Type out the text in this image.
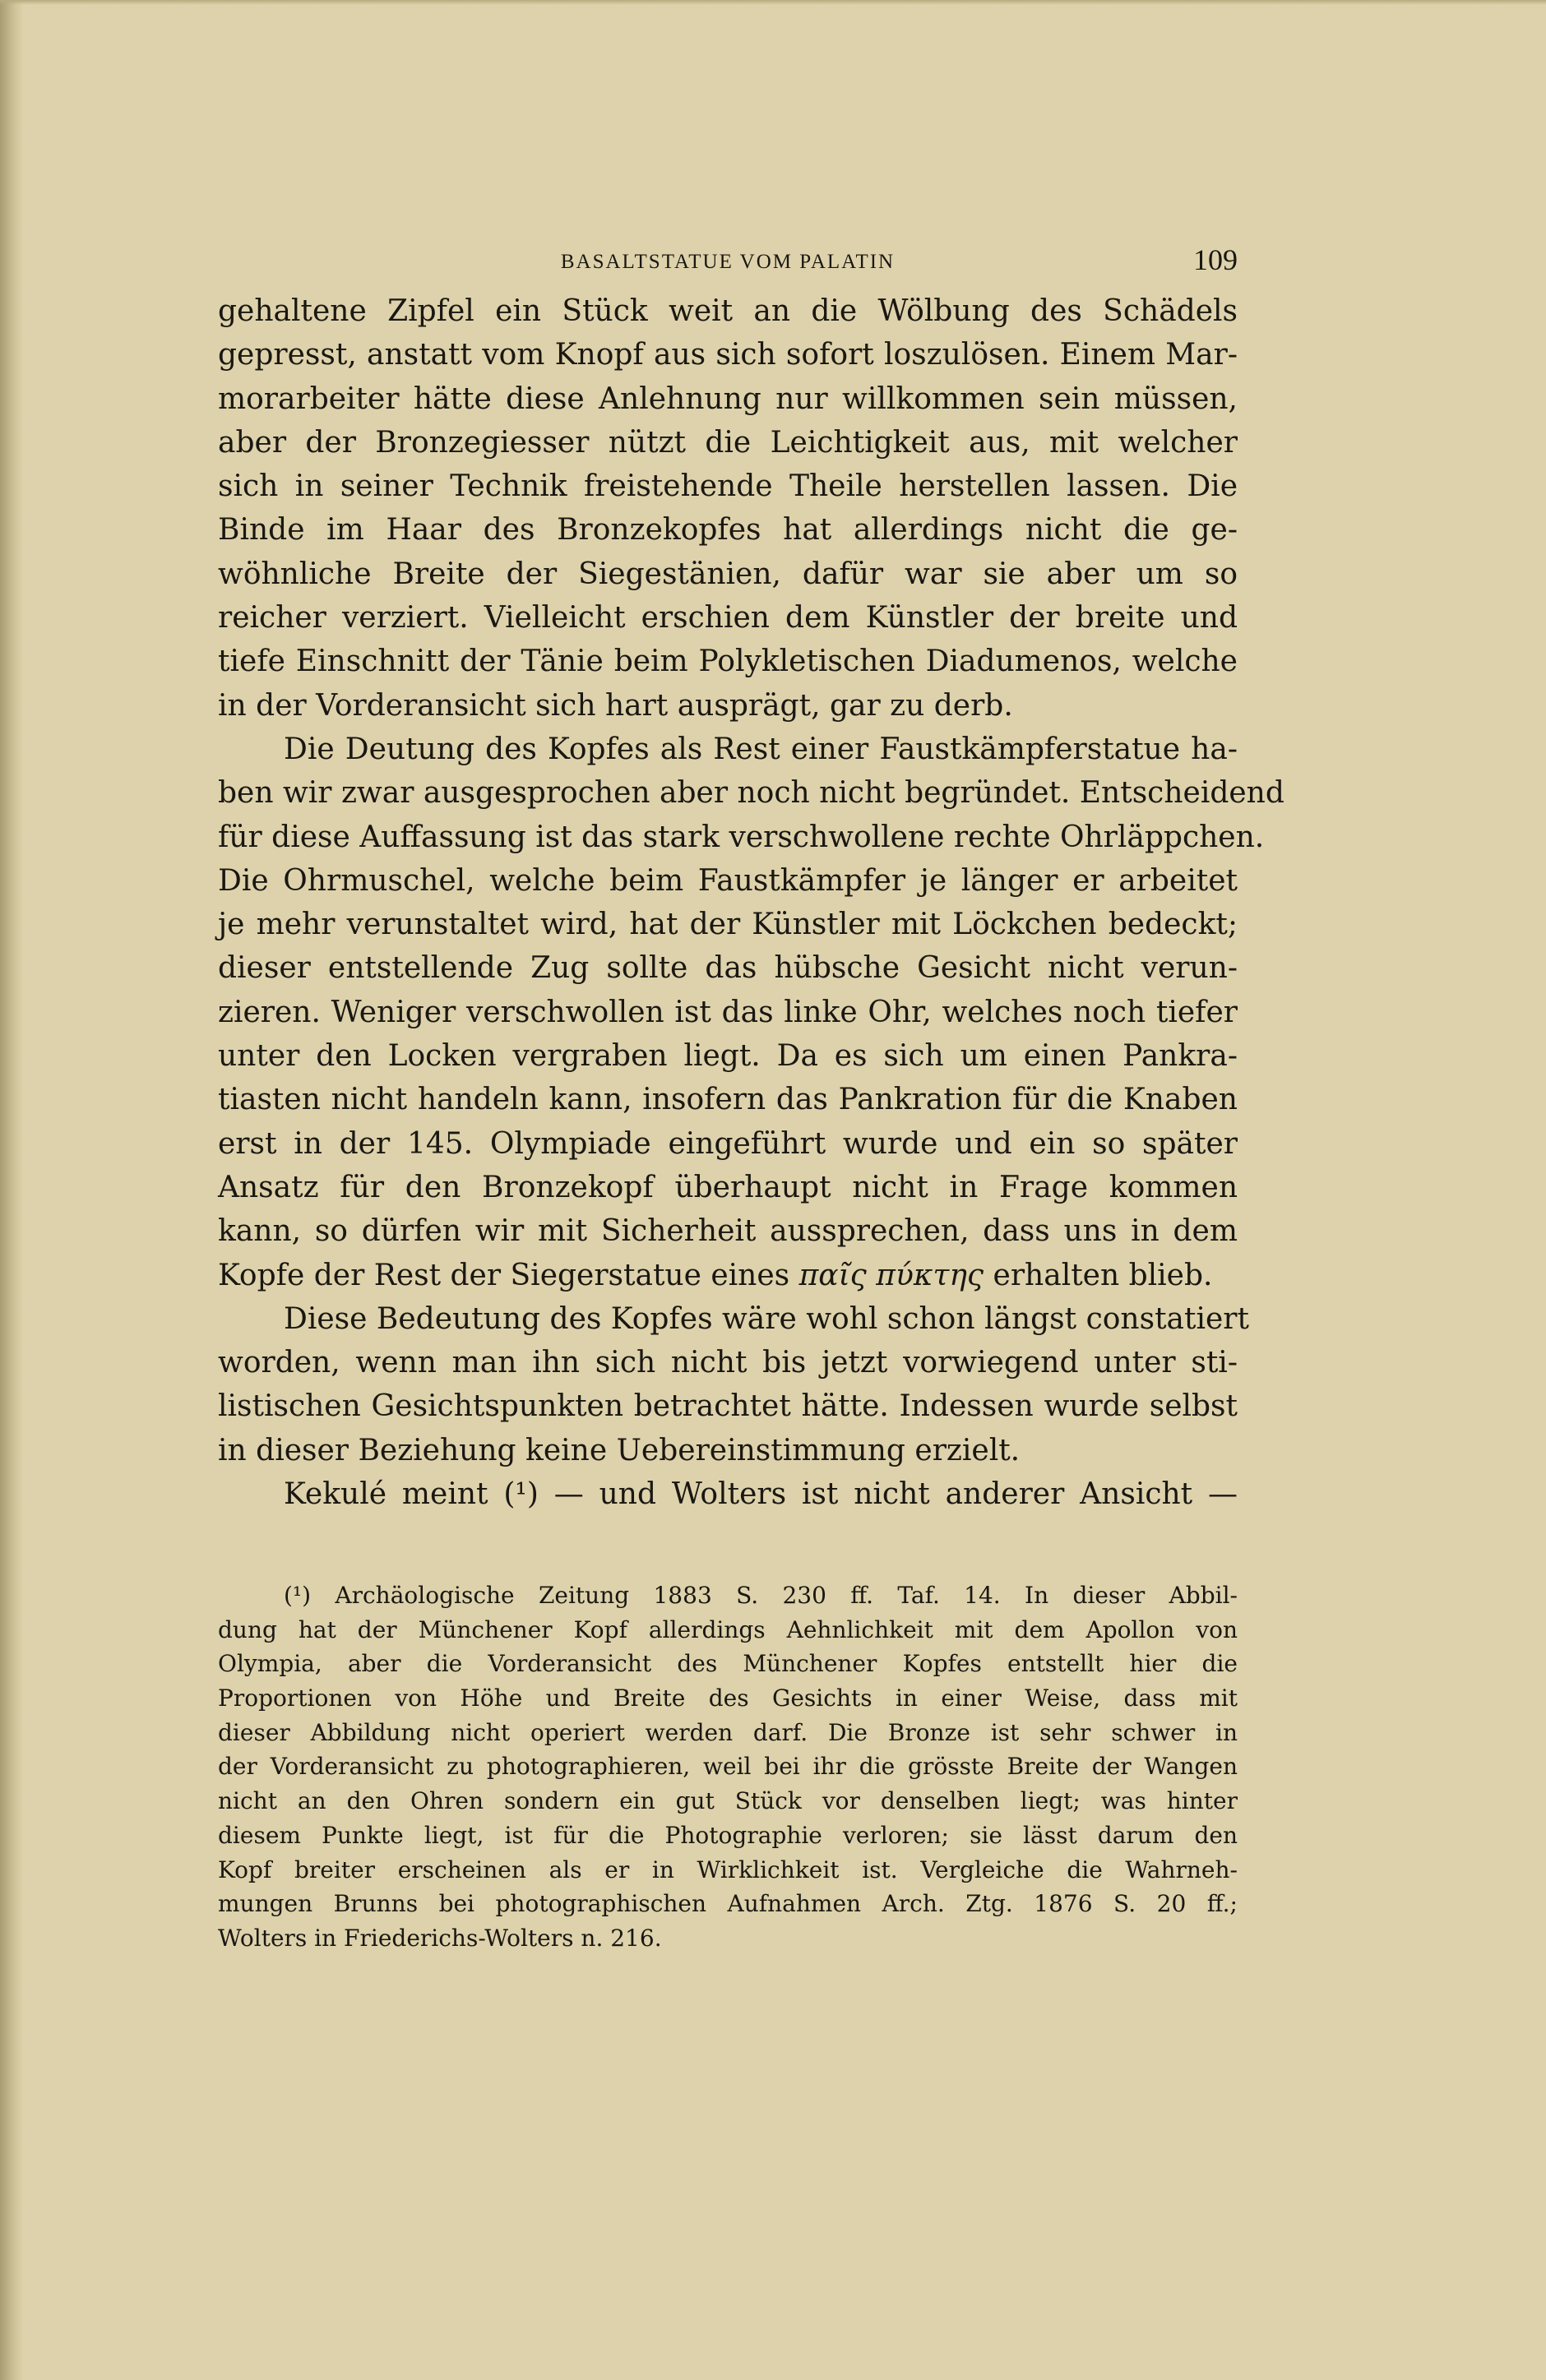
BASALTSTATUE VOM PALATIN	109
gehaltene Zipfel ein Stück weit an die Wölbung des Schädels
gepresst, anstatt vom Knopf aus sich sofort loszulösen. Einem Mar-
morarbeiter hätte diese Anlehnung nur willkommen sein müssen,
aber der Bronzegiesser nützt die Leichtigkeit aus, mit welcher
sich in seiner Technik freistehende Theile herstellen lassen. Die
Binde im Haar des Bronzekopfes hat allerdings nicht die ge-
wöhnliche Breite der Siegestänien, dafür war sie aber um so
reicher verziert. Vielleicht erschien dem Künstler der breite und
tiefe Einschnitt der Tänie beim Polykletischen Diadumenos, welche
in der Vorderansicht sich hart ausprägt, gar zu derb.
Die Deutung des Kopfes als Rest einer Faustkämpferstatue ha-
ben wir zwar ausgesprochen aber noch nicht begründet. Entscheidend
für diese Auffassung ist das stark verschwollene rechte Ohrläppchen.
Die Ohrmuschel, welche beim Faustkämpfer je länger er arbeitet
je mehr verunstaltet wird, hat der Künstler mit Löckchen bedeckt;
dieser entstellende Zug sollte das hübsche Gesicht nicht verun-
zieren. Weniger verschwollen ist das linke Ohr, welches noch tiefer
unter den Locken vergraben liegt. Da es sich um einen Pankra-
tiasten nicht handeln kann, insofern das Pankration für die Knaben
erst in der 145. Olympiade eingeführt wurde und ein so später
Ansatz für den Bronzekopf überhaupt nicht in Frage kommen
kann, so dürfen wir mit Sicherheit aussprechen, dass uns in dem
Kopfe der Rest der Siegerstatue eines παῖς πύκτης erhalten blieb.
Diese Bedeutung des Kopfes wäre wohl schon längst constatiert
worden, wenn man ihn sich nicht bis jetzt vorwiegend unter sti-
listischen Gesichtspunkten betrachtet hätte. Indessen wurde selbst
in dieser Beziehung keine Uebereinstimmung erzielt.
Kekulé meint (¹) — und Wolters ist nicht anderer Ansicht —
(¹) Archäologische Zeitung 1883 S. 230 ff. Taf. 14. In dieser Abbil-
dung hat der Münchener Kopf allerdings Aehnlichkeit mit dem Apollon von
Olympia, aber die Vorderansicht des Münchener Kopfes entstellt hier die
Proportionen von Höhe und Breite des Gesichts in einer Weise, dass mit
dieser Abbildung nicht operiert werden darf. Die Bronze ist sehr schwer in
der Vorderansicht zu photographieren, weil bei ihr die grösste Breite der Wangen
nicht an den Ohren sondern ein gut Stück vor denselben liegt; was hinter
diesem Punkte liegt, ist für die Photographie verloren; sie lässt darum den
Kopf breiter erscheinen als er in Wirklichkeit ist. Vergleiche die Wahrneh-
mungen Brunns bei photographischen Aufnahmen Arch. Ztg. 1876 S. 20 ff.;
Wolters in Friederichs-Wolters n. 216.
